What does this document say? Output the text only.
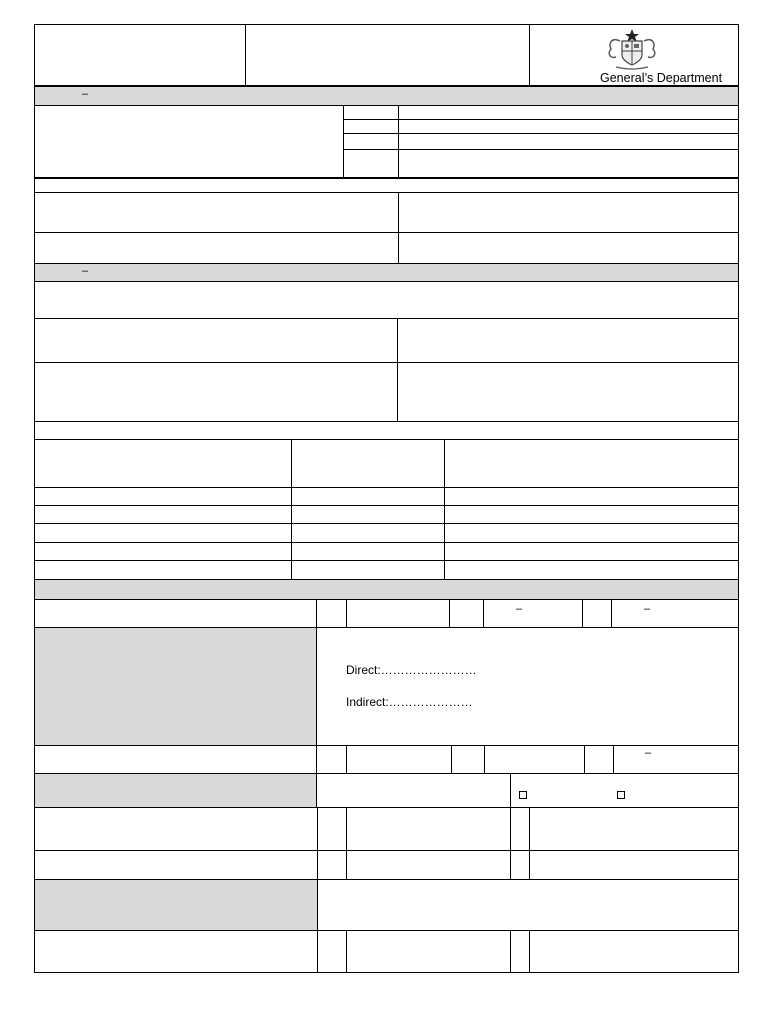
General’s Department
–
–
–	–
Direct:……………………
Indirect:…………………
–
